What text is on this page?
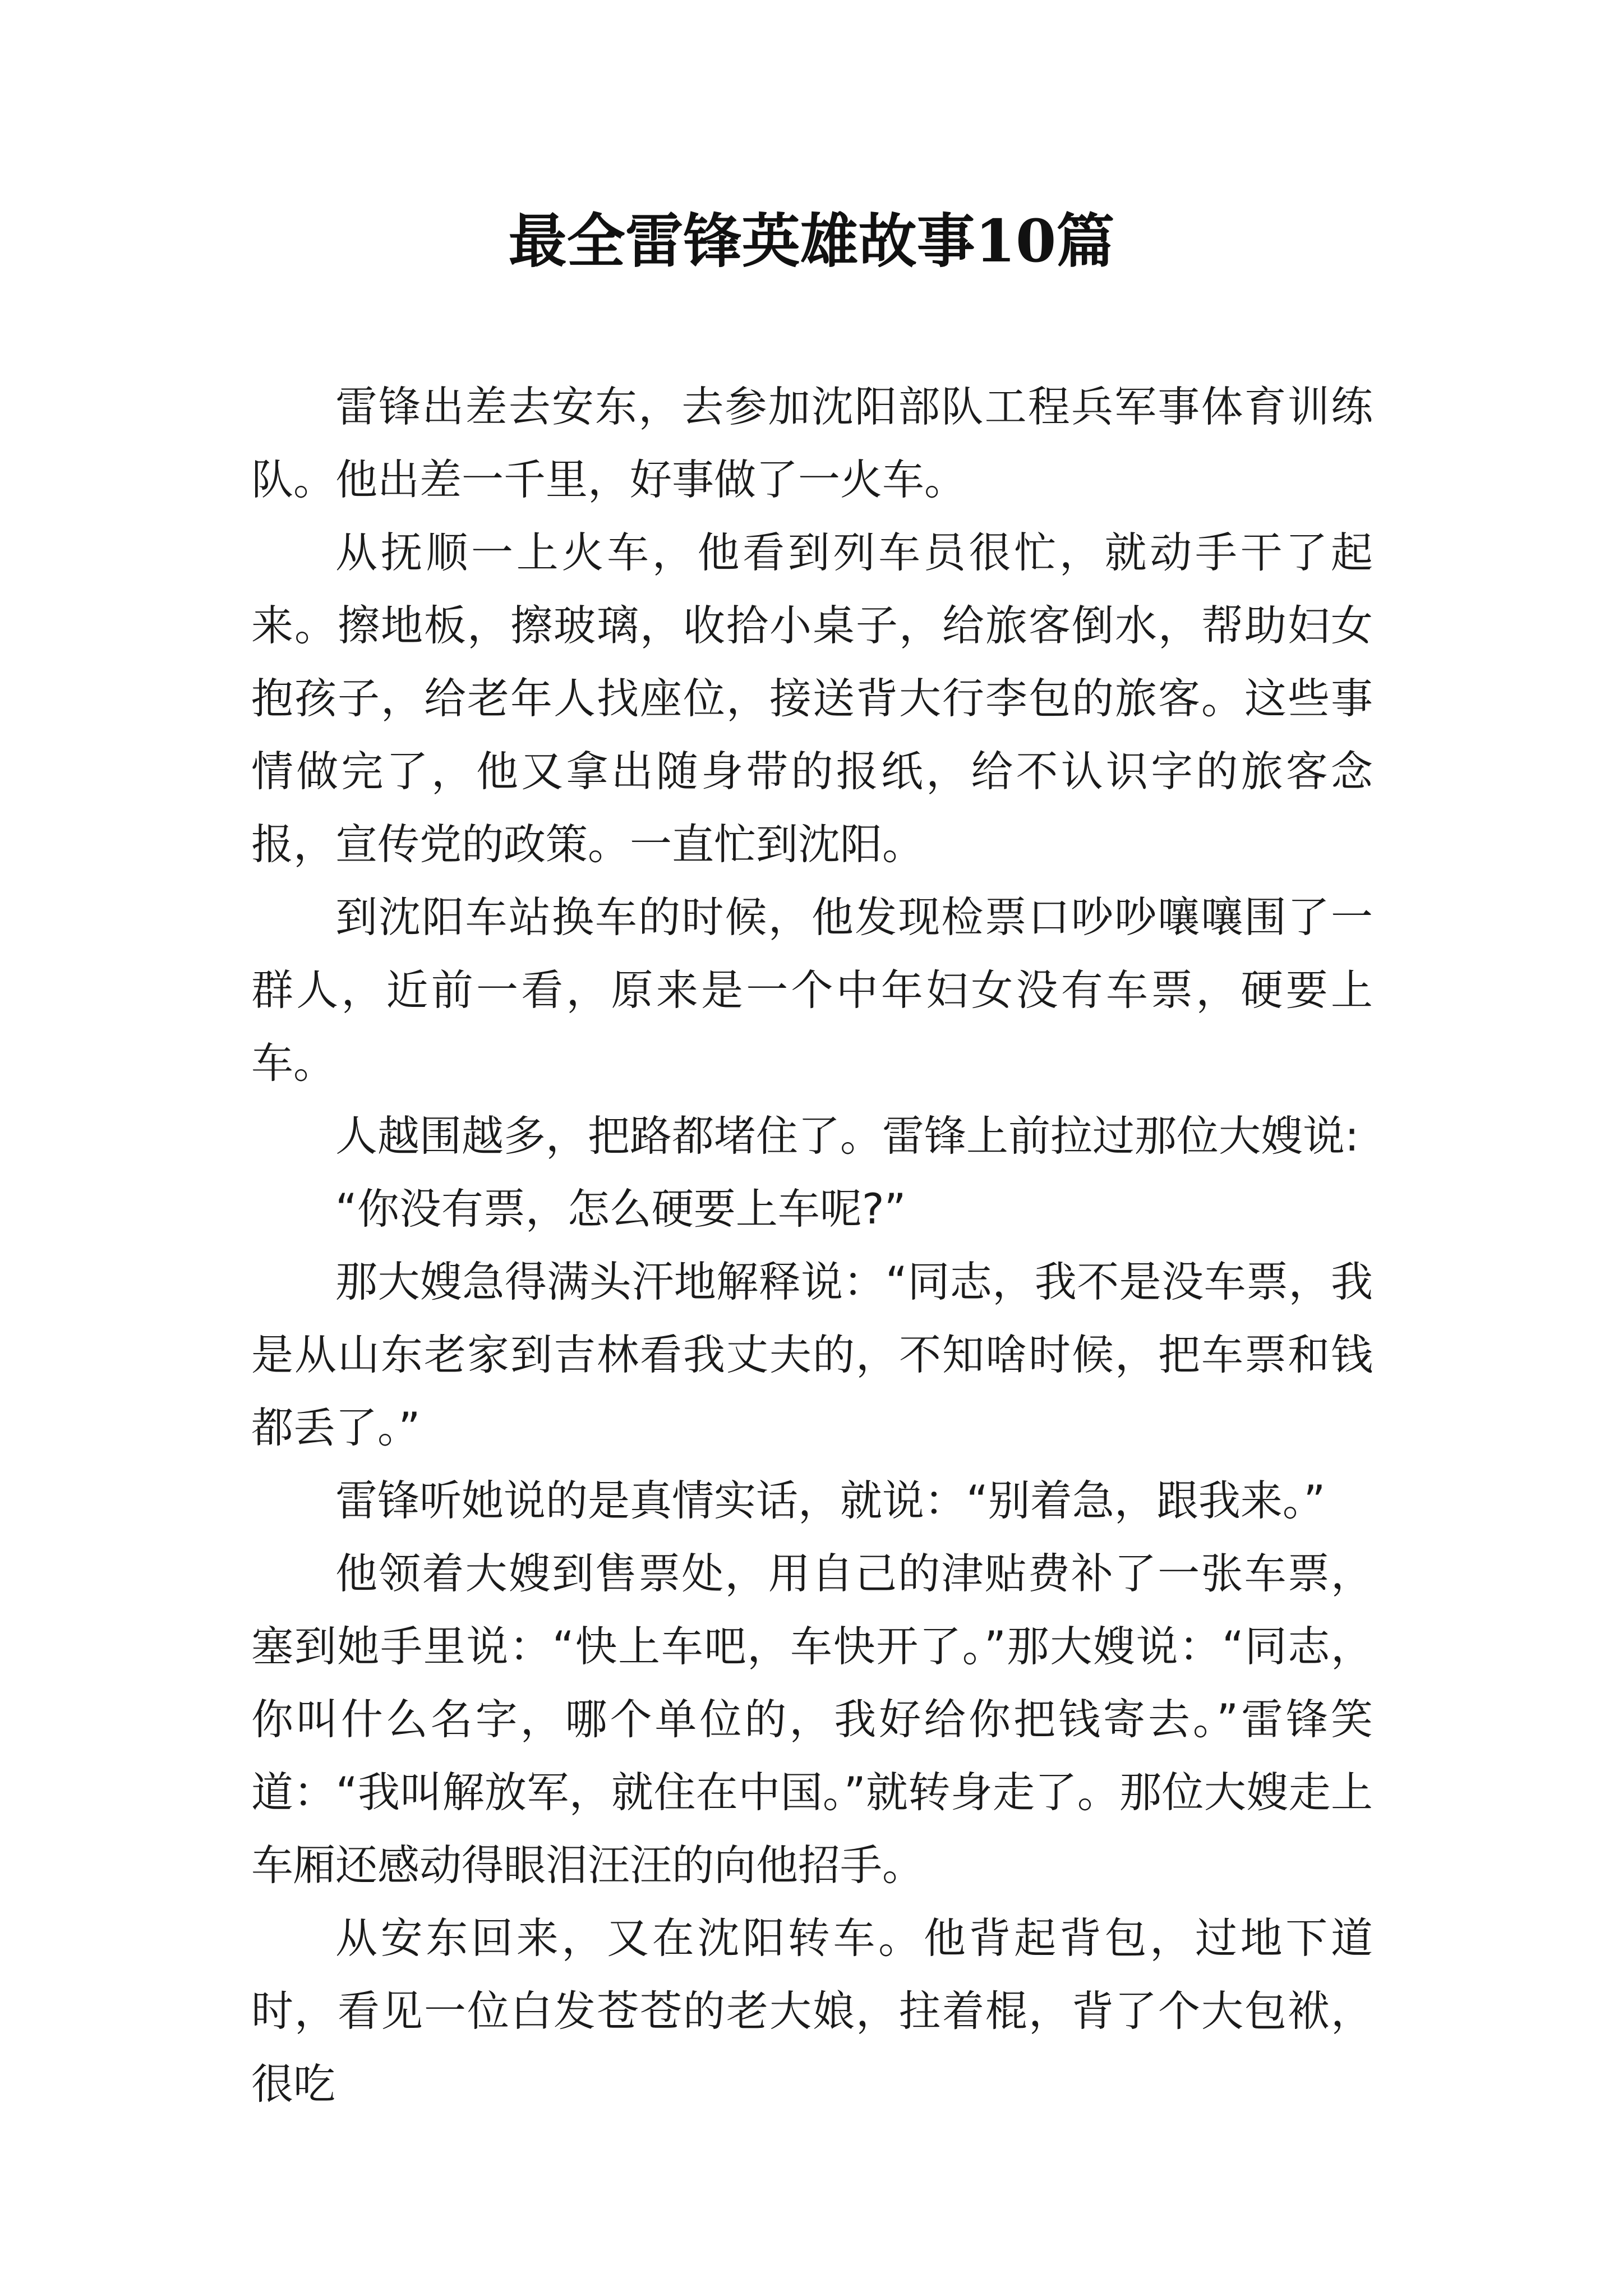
最全雷锋英雄故事10篇

雷锋出差去安东，去参加沈阳部队工程兵军事体育训练队。他出差一千里，好事做了一火车。

从抚顺一上火车，他看到列车员很忙，就动手干了起来。擦地板，擦玻璃，收拾小桌子，给旅客倒水，帮助妇女抱孩子，给老年人找座位，接送背大行李包的旅客。这些事情做完了，他又拿出随身带的报纸，给不认识字的旅客念报，宣传党的政策。一直忙到沈阳。

到沈阳车站换车的时候，他发现检票口吵吵嚷嚷围了一群人，近前一看，原来是一个中年妇女没有车票，硬要上车。

人越围越多，把路都堵住了。雷锋上前拉过那位大嫂说:

“你没有票，怎么硬要上车呢?”

那大嫂急得满头汗地解释说：“同志，我不是没车票，我是从山东老家到吉林看我丈夫的，不知啥时候，把车票和钱都丢了。”

雷锋听她说的是真情实话，就说：“别着急，跟我来。”

他领着大嫂到售票处，用自己的津贴费补了一张车票，塞到她手里说：“快上车吧，车快开了。”那大嫂说：“同志，你叫什么名字，哪个单位的，我好给你把钱寄去。”雷锋笑道：“我叫解放军，就住在中国。”就转身走了。那位大嫂走上车厢还感动得眼泪汪汪的向他招手。

从安东回来，又在沈阳转车。他背起背包，过地下道时，看见一位白发苍苍的老大娘，拄着棍，背了个大包袱，很吃
